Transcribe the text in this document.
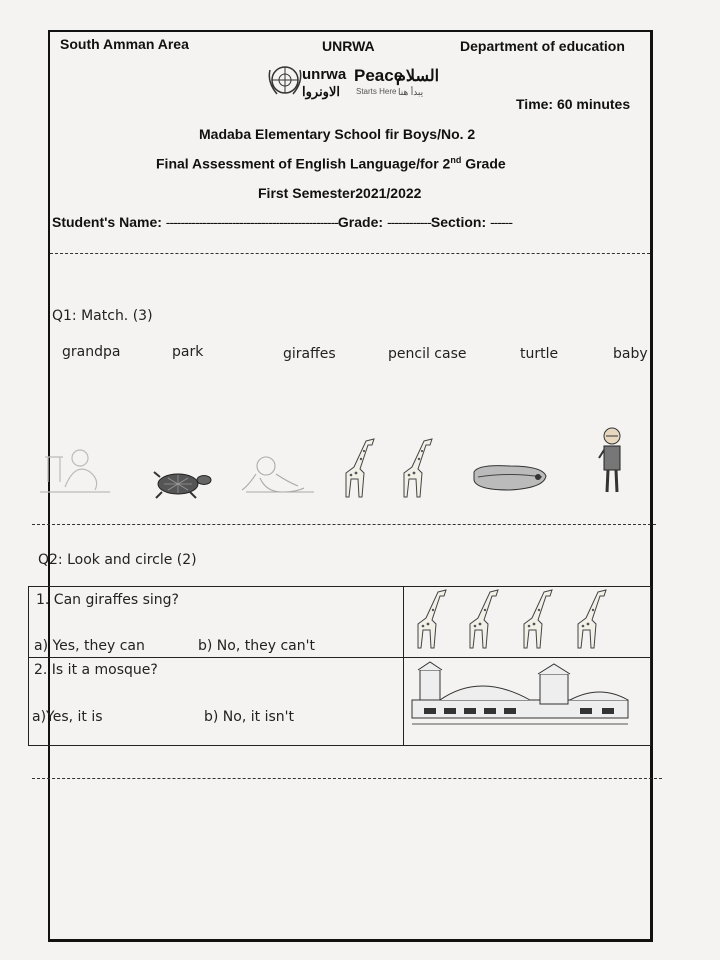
South Amman Area	UNRWA	Department of education
unrwa
الاونروا
Peace
Starts Here
السلام
يبدأ هنا
Time: 60 minutes
Madaba Elementary School fir Boys/No. 2
Final Assessment of English Language/for 2nd Grade
First Semester2021/2022
Student's Name: -----------------------------------------------Grade: ------------Section: ------
Q1: Match. (3)
grandpa	park	giraffes	pencil case	turtle	baby
Q2: Look and circle (2)
1. Can giraffes sing?
a) Yes, they can	b) No, they can't
2. Is it a mosque?
a)Yes, it is	b) No, it isn't
